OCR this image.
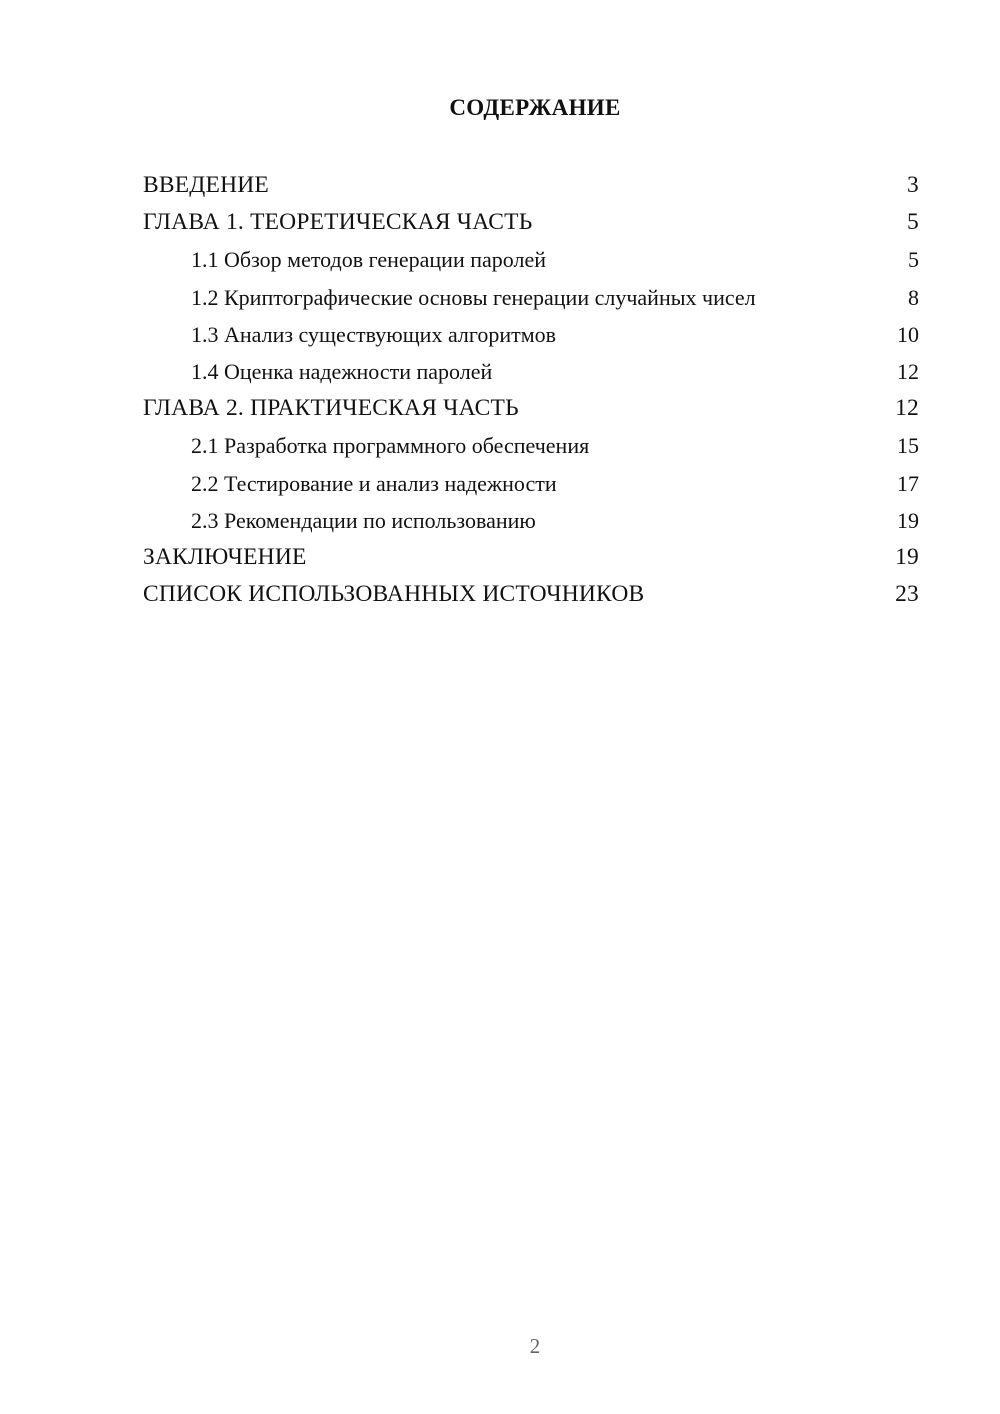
СОДЕРЖАНИЕ
ВВЕДЕНИЕ	3
ГЛАВА 1. ТЕОРЕТИЧЕСКАЯ ЧАСТЬ	5
1.1 Обзор методов генерации паролей	5
1.2 Криптографические основы генерации случайных чисел	8
1.3 Анализ существующих алгоритмов	10
1.4 Оценка надежности паролей	12
ГЛАВА 2. ПРАКТИЧЕСКАЯ ЧАСТЬ	12
2.1 Разработка программного обеспечения	15
2.2 Тестирование и анализ надежности	17
2.3 Рекомендации по использованию	19
ЗАКЛЮЧЕНИЕ	19
СПИСОК ИСПОЛЬЗОВАННЫХ ИСТОЧНИКОВ	23
2
